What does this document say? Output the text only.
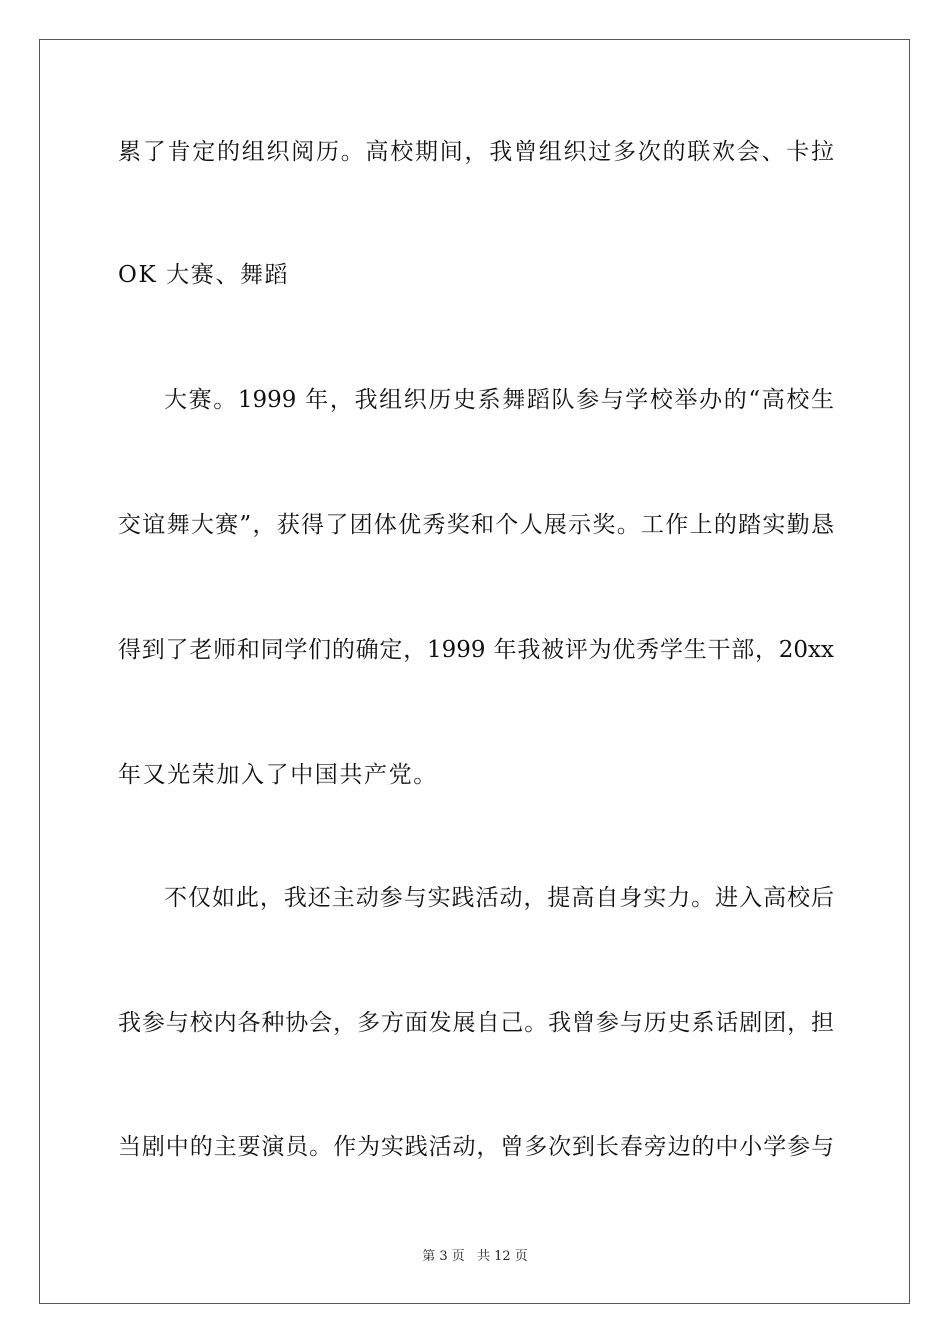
累了肯定的组织阅历。高校期间，我曾组织过多次的联欢会、卡拉
OK 大赛、舞蹈
大赛。1999 年，我组织历史系舞蹈队参与学校举办的“高校生
交谊舞大赛”，获得了团体优秀奖和个人展示奖。工作上的踏实勤恳
得到了老师和同学们的确定，1999 年我被评为优秀学生干部，20xx
年又光荣加入了中国共产党。
不仅如此，我还主动参与实践活动，提高自身实力。进入高校后
我参与校内各种协会，多方面发展自己。我曾参与历史系话剧团，担
当剧中的主要演员。作为实践活动，曾多次到长春旁边的中小学参与
第 3 页 共 12 页
